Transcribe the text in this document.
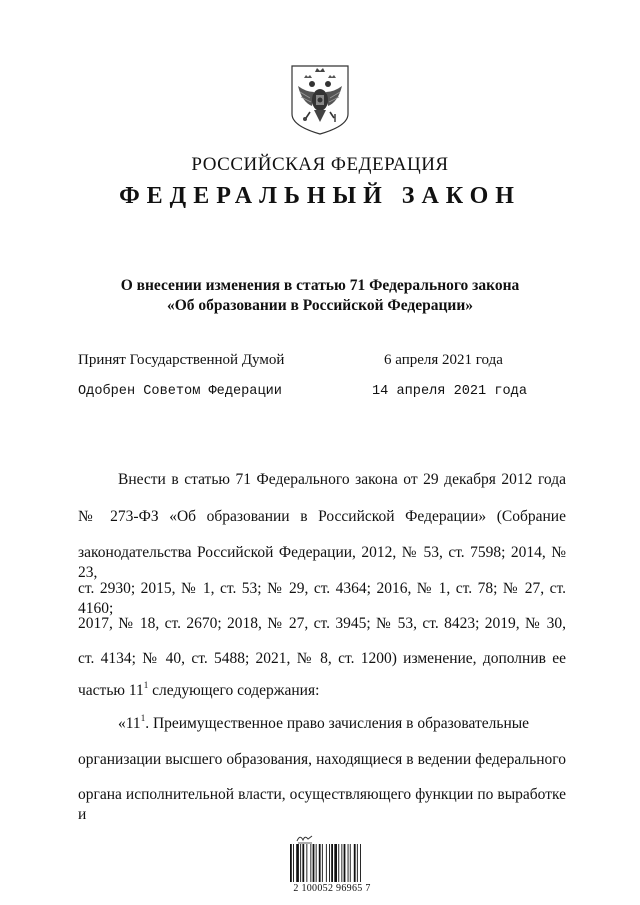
РОССИЙСКАЯ ФЕДЕРАЦИЯ
ФЕДЕРАЛЬНЫЙ ЗАКОН
О внесении изменения в статью 71 Федерального закона
«Об образовании в Российской Федерации»
Принят Государственной Думой	6 апреля 2021 года
Одобрен Советом Федерации	14 апреля 2021 года
Внести в статью 71 Федерального закона от 29 декабря 2012 года
№ 273-ФЗ «Об образовании в Российской Федерации» (Собрание
законодательства Российской Федерации, 2012, № 53, ст. 7598; 2014, № 23,
ст. 2930; 2015, № 1, ст. 53; № 29, ст. 4364; 2016, № 1, ст. 78; № 27, ст. 4160;
2017, № 18, ст. 2670; 2018, № 27, ст. 3945; № 53, ст. 8423; 2019, № 30,
ст. 4134; № 40, ст. 5488; 2021, № 8, ст. 1200) изменение, дополнив ее
частью $11^1$ следующего содержания:
«$11^1$. Преимущественное право зачисления в образовательные
организации высшего образования, находящиеся в ведении федерального
органа исполнительной власти, осуществляющего функции по выработке и
2 100052 96965 7
